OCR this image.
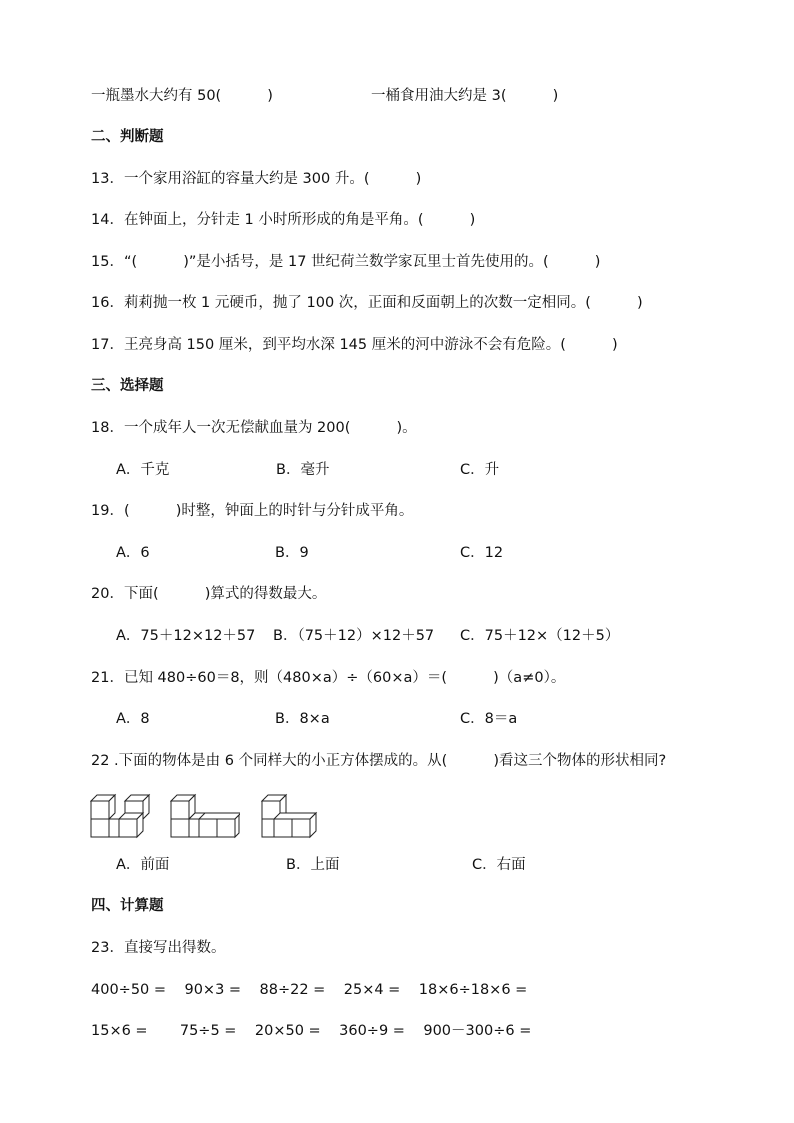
一瓶墨水大约有 50(          )	一桶食用油大约是 3(          )
二、判断题
13．一个家用浴缸的容量大约是 300 升。(          )
14．在钟面上，分针走 1 小时所形成的角是平角。(          )
15．“(          )”是小括号，是 17 世纪荷兰数学家瓦里士首先使用的。(          )
16．莉莉抛一枚 1 元硬币，抛了 100 次，正面和反面朝上的次数一定相同。(          )
17．王亮身高 150 厘米，到平均水深 145 厘米的河中游泳不会有危险。(          )
三、选择题
18．一个成年人一次无偿献血量为 200(          )。
A．千克	B．毫升	C．升
19．(          )时整，钟面上的时针与分针成平角。
A．6	B．9	C．12
20．下面(          )算式的得数最大。
A．75＋12×12＋57 B．（75＋12）×12＋57 C．75＋12×（12＋5）
21．已知 480÷60＝8，则（480×a）÷（60×a）＝(          )（a≠0）。
A．8	B．8×a	C．8＝a
22 .下面的物体是由 6 个同样大的小正方体摆成的。从(          )看这三个物体的形状相同?
A．前面	B．上面	C．右面
四、计算题
23．直接写出得数。
400÷50 =    90×3 =    88÷22 =    25×4 =    18×6÷18×6 =
15×6 =       75÷5 =    20×50 =    360÷9 =    900－300÷6 =
